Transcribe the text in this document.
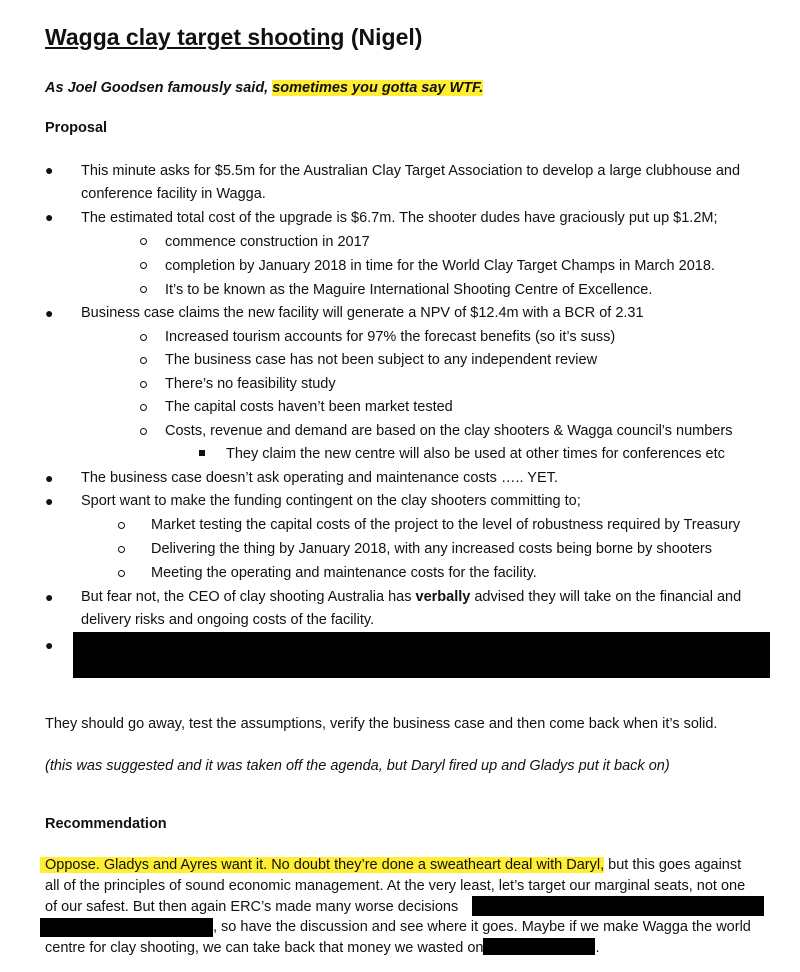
Wagga clay target shooting (Nigel)
As Joel Goodsen famously said, sometimes you gotta say WTF.
Proposal
● This minute asks for $5.5m for the Australian Clay Target Association to develop a large clubhouse and
conference facility in Wagga.
● The estimated total cost of the upgrade is $6.7m. The shooter dudes have graciously put up $1.2M;
commence construction in 2017
completion by January 2018 in time for the World Clay Target Champs in March 2018.
It’s to be known as the Maguire International Shooting Centre of Excellence.
● Business case claims the new facility will generate a NPV of $12.4m with a BCR of 2.31
Increased tourism accounts for 97% the forecast benefits (so it’s suss)
The business case has not been subject to any independent review
There’s no feasibility study
The capital costs haven’t been market tested
Costs, revenue and demand are based on the clay shooters & Wagga council’s numbers
They claim the new centre will also be used at other times for conferences etc
● The business case doesn’t ask operating and maintenance costs ….. YET.
● Sport want to make the funding contingent on the clay shooters committing to;
Market testing the capital costs of the project to the level of robustness required by Treasury
Delivering the thing by January 2018, with any increased costs being borne by shooters
Meeting the operating and maintenance costs for the facility.
● But fear not, the CEO of clay shooting Australia has verbally advised they will take on the financial and
delivery risks and ongoing costs of the facility.
●
They should go away, test the assumptions, verify the business case and then come back when it’s solid.
(this was suggested and it was taken off the agenda, but Daryl fired up and Gladys put it back on)
Recommendation
Oppose. Gladys and Ayres want it. No doubt they’re done a sweatheart deal with Daryl, but this goes against
all of the principles of sound economic management. At the very least, let’s target our marginal seats, not one
of our safest. But then again ERC’s made many worse decisions
, so have the discussion and see where it goes. Maybe if we make Wagga the world
centre for clay shooting, we can take back that money we wasted on	.
